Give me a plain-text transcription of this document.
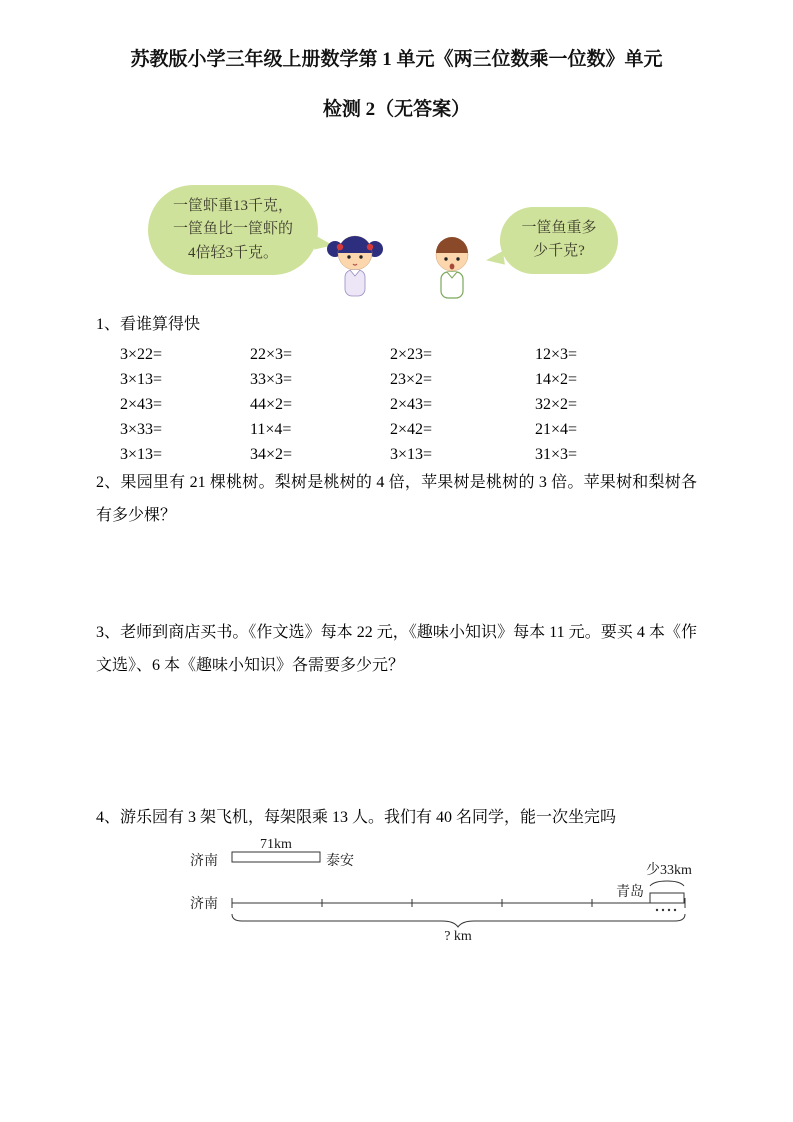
苏教版小学三年级上册数学第 1 单元《两三位数乘一位数》单元
检测 2（无答案）
一筐虾重13千克，
一筐鱼比一筐虾的
4倍轻3千克。
一筐鱼重多
少千克?
1、看谁算得快
3×22=	22×3=	2×23=	12×3=
3×13=	33×3=	23×2=	14×2=
2×43=	44×2=	2×43=	32×2=
3×33=	11×4=	2×42=	21×4=
3×13=	34×2=	3×13=	31×3=

2、果园里有 21 棵桃树。梨树是桃树的 4 倍，苹果树是桃树的 3 倍。苹果树和梨树各有多少棵？

3、老师到商店买书。《作文选》每本 22 元，《趣味小知识》每本 11 元。要买 4 本《作文选》、6 本《趣味小知识》各需要多少元？

4、游乐园有 3 架飞机，每架限乘 13 人。我们有 40 名同学，能一次坐完吗

71km
济南	泰安
少33km
青岛
济南
? km
